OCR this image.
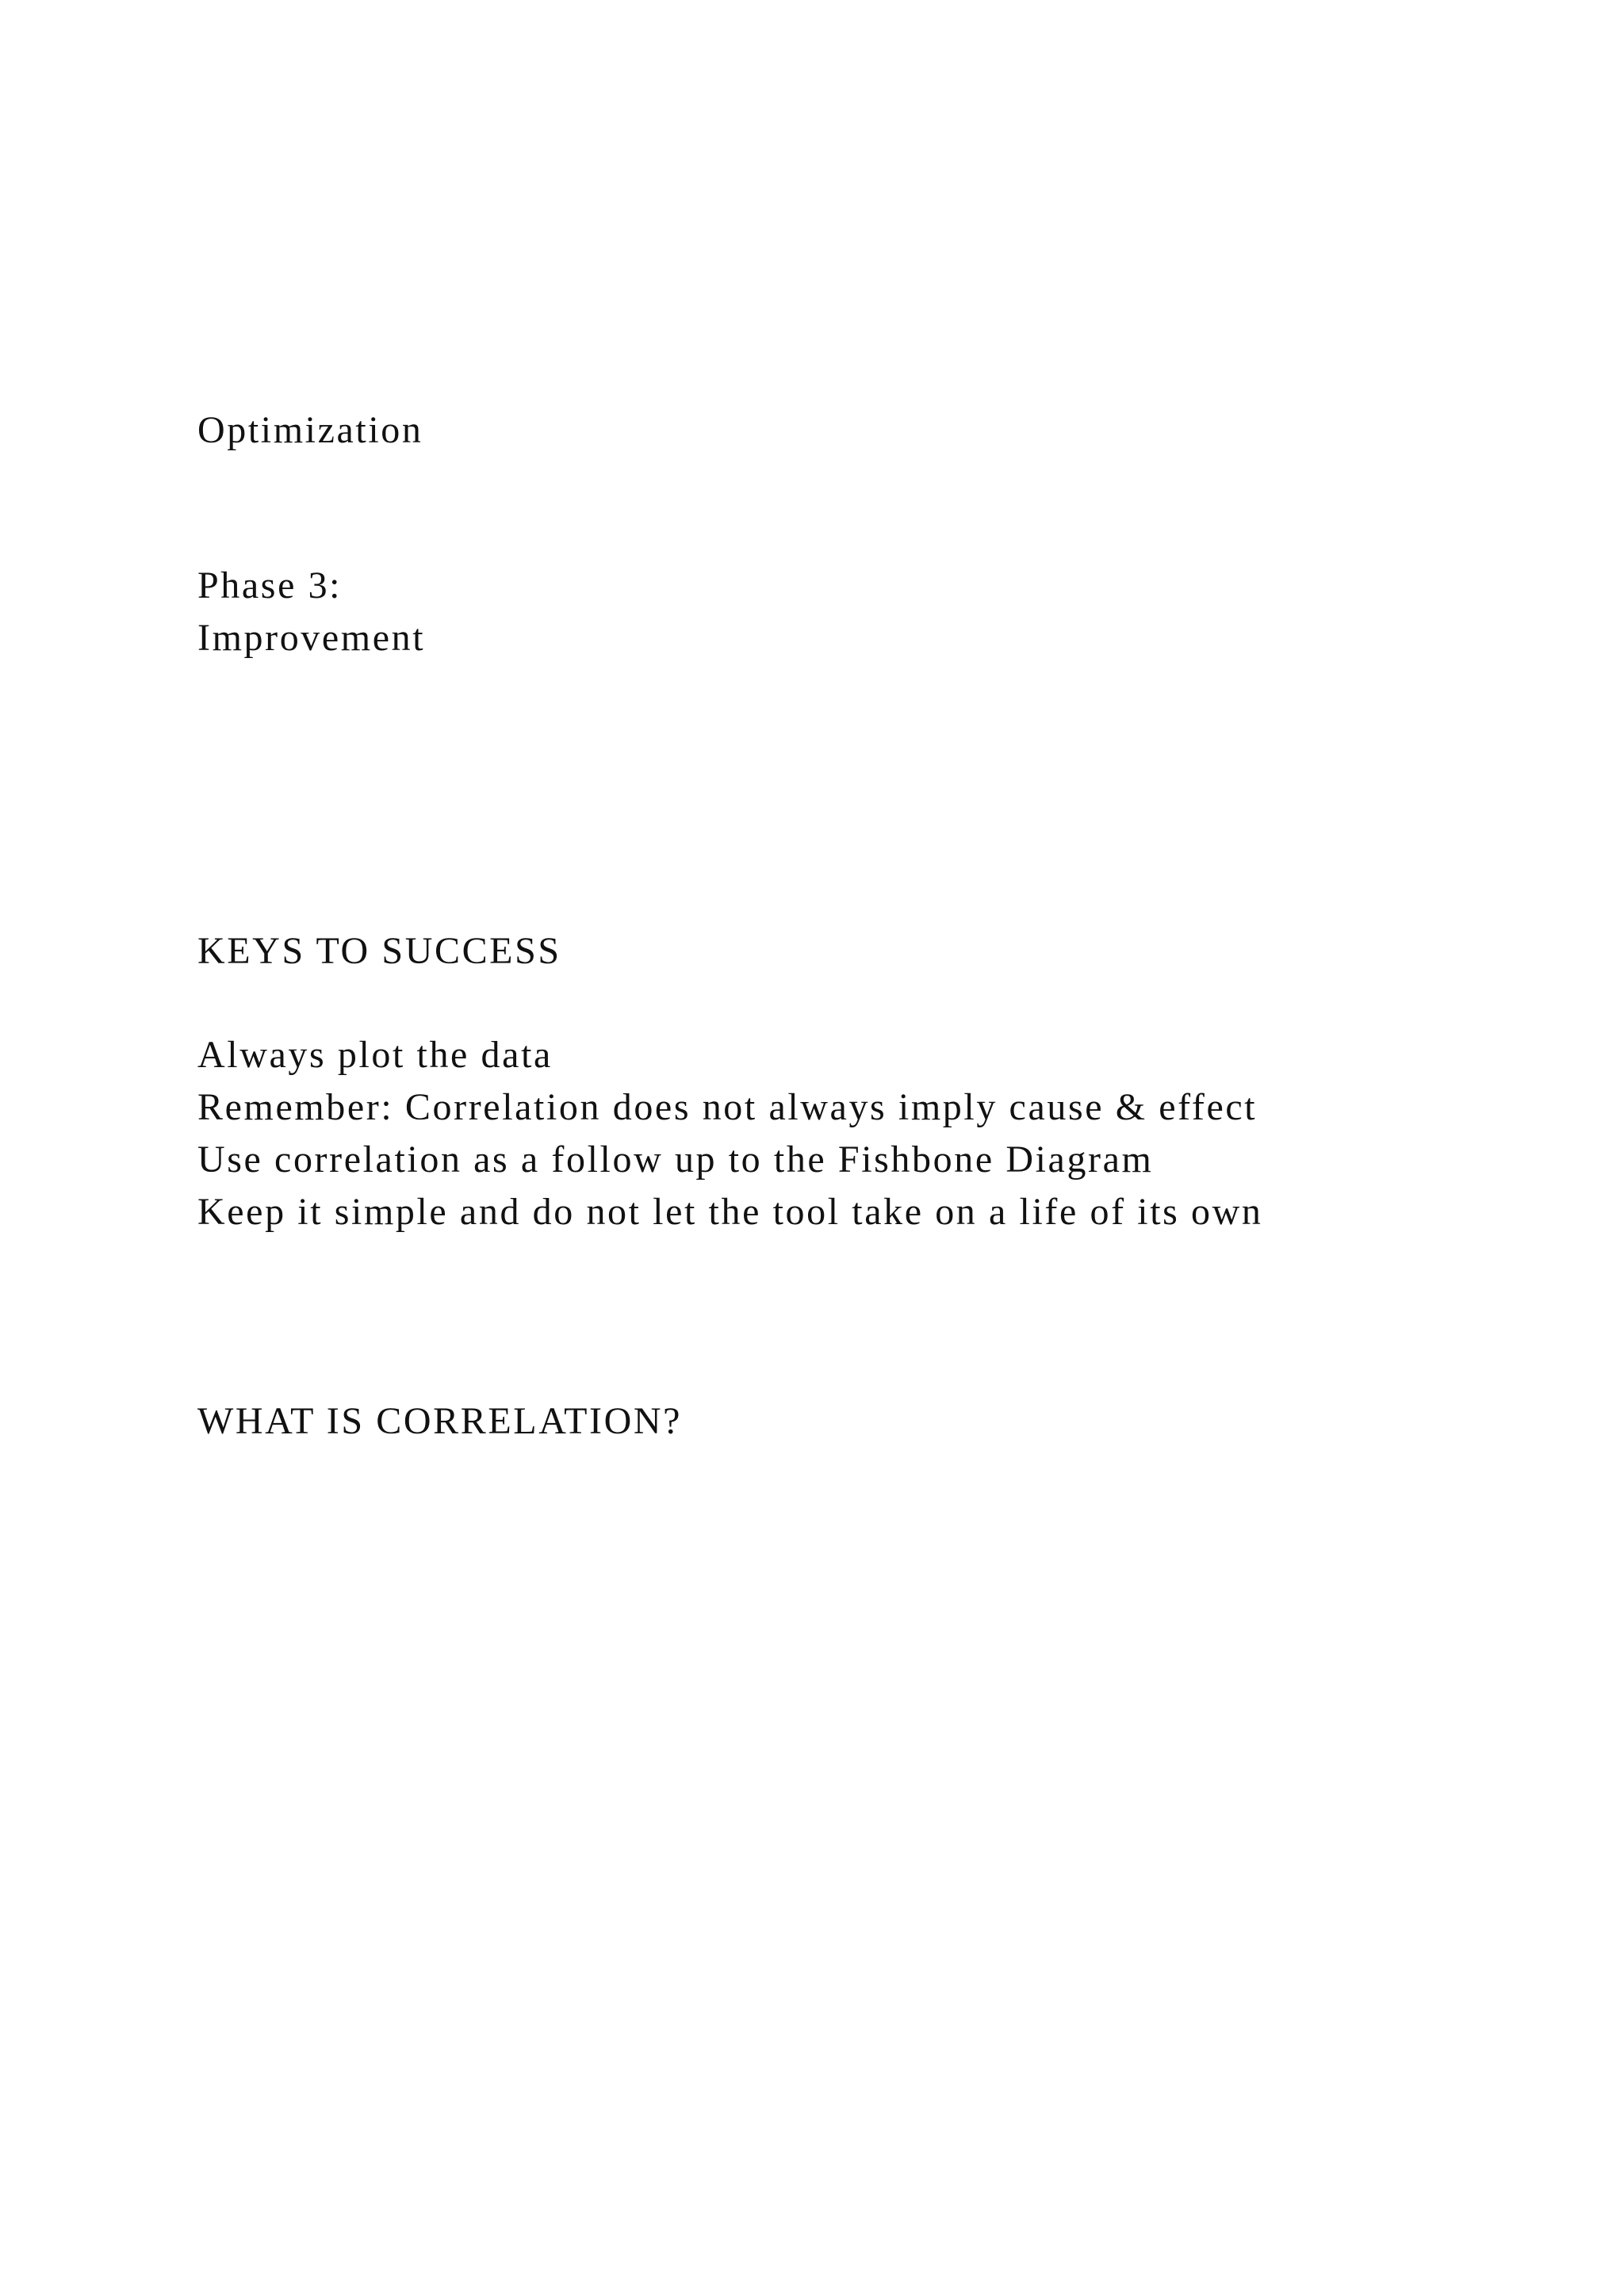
Optimization

Phase 3:

Improvement

KEYS TO SUCCESS

Always plot the data

Remember: Correlation does not always imply cause & effect

Use correlation as a follow up to the Fishbone Diagram

Keep it simple and do not let the tool take on a life of its own

WHAT IS CORRELATION?
